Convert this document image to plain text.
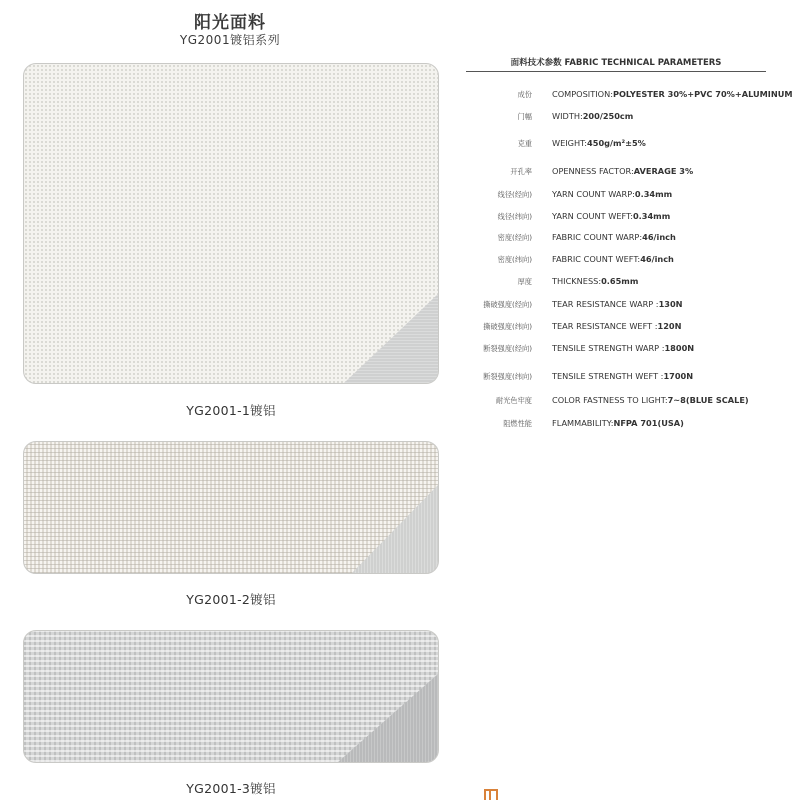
阳光面料
YG2001镀铝系列
YG2001-1镀铝
YG2001-2镀铝
YG2001-3镀铝
面料技术参数 FABRIC TECHNICAL PARAMETERS
成份 COMPOSITION:POLYESTER 30%+PVC 70%+ALUMINUM
门幅 WIDTH:200/250cm
克重 WEIGHT:450g/m²±5%
开孔率 OPENNESS FACTOR:AVERAGE 3%
线径(经向) YARN COUNT WARP:0.34mm
线径(纬向) YARN COUNT WEFT:0.34mm
密度(经向) FABRIC COUNT WARP:46/inch
密度(纬向) FABRIC COUNT WEFT:46/inch
厚度 THICKNESS:0.65mm
撕破强度(经向) TEAR RESISTANCE WARP :130N
撕破强度(纬向) TEAR RESISTANCE WEFT :120N
断裂强度(经向) TENSILE STRENGTH WARP :1800N
断裂强度(纬向) TENSILE STRENGTH WEFT :1700N
耐光色牢度 COLOR FASTNESS TO LIGHT:7~8(BLUE SCALE)
阻燃性能 FLAMMABILITY:NFPA 701(USA)
